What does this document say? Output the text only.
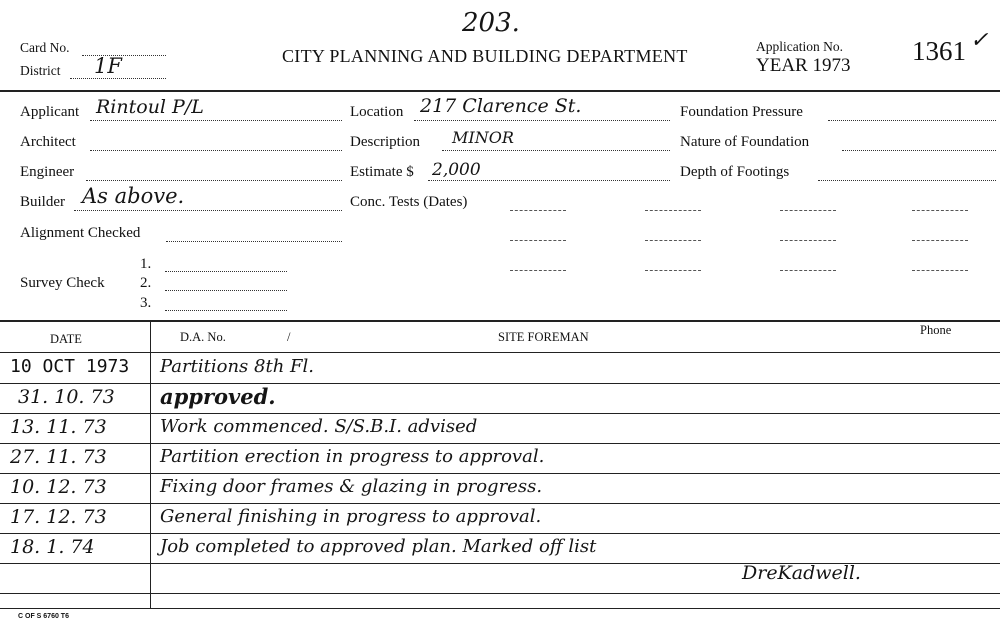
203.
Card No.
District 1F	CITY PLANNING AND BUILDING DEPARTMENT	Application No.
YEAR 1973 1361 ✓
Applicant Rintoul P/L
Architect
Engineer
Builder As above.
Alignment Checked
Survey Check
1.
2.
3.
Location 217 Clarence St.
Description MINOR
Estimate $ 2,000
Conc. Tests (Dates)
Foundation Pressure
Nature of Foundation
Depth of Footings
DATE	D.A. No.	/	SITE FOREMAN	Phone
10 OCT 1973 Partitions 8th Fl.
31. 10. 73 approved.
13. 11. 73	Work commenced. S/S.B.I. advised
27. 11. 73	Partition erection in progress to approval.
10. 12. 73	Fixing door frames & glazing in progress.
17. 12. 73	General finishing in progress to approval.
18. 1. 74	Job completed to approved plan. Marked off list
DreKadwell.
C OF S 6760 T6
